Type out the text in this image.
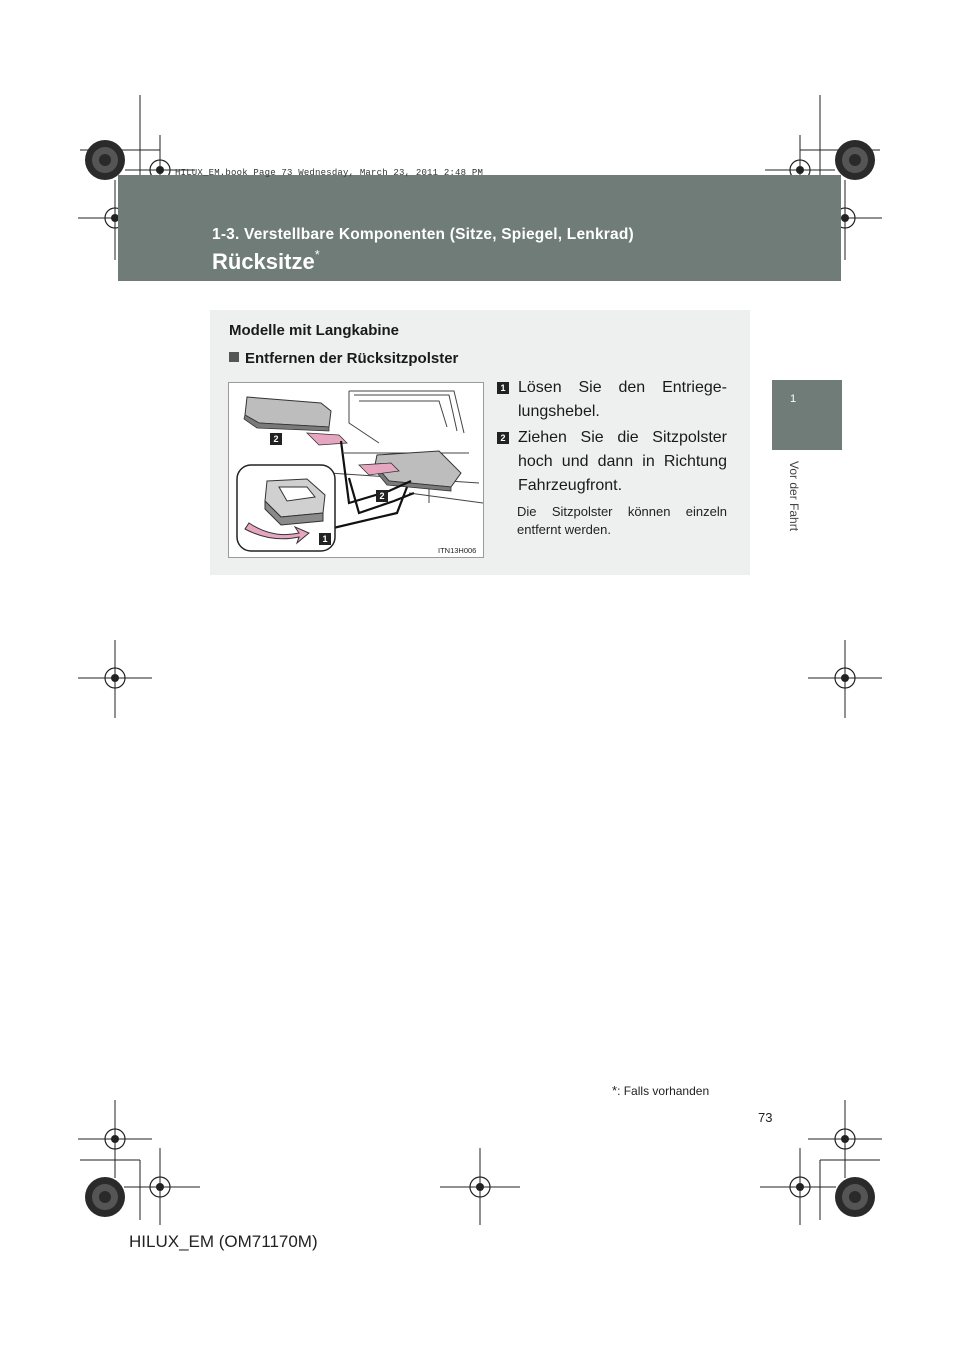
HILUX_EM.book Page 73 Wednesday, March 23, 2011 2:48 PM
1-3. Verstellbare Komponenten (Sitze, Spiegel, Lenkrad)
Rücksitze*
1
Vor der Fahrt
Modelle mit Langkabine
Entfernen der Rücksitzpolster
2
2
1
ITN13H006
1 Lösen Sie den Entriege-lungshebel.
2 Ziehen Sie die Sitzpolster hoch und dann in Richtung Fahrzeugfront.
Die Sitzpolster können einzeln entfernt werden.
*: Falls vorhanden
73
HILUX_EM (OM71170M)
